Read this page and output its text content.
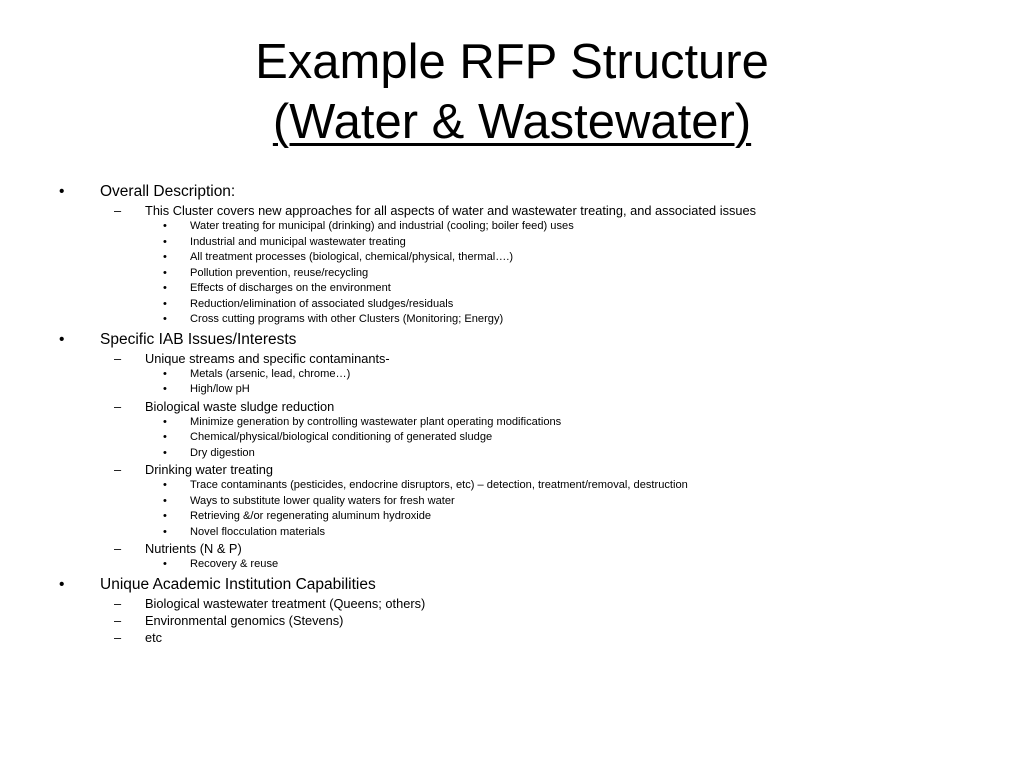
Example RFP Structure
(Water & Wastewater)
• Overall Description:
– This Cluster covers new approaches for all aspects of water and wastewater treating, and associated issues
• Water treating for municipal (drinking) and industrial (cooling; boiler feed) uses
• Industrial and municipal wastewater treating
• All treatment processes (biological, chemical/physical, thermal….)
• Pollution prevention, reuse/recycling
• Effects of discharges on the environment
• Reduction/elimination of associated sludges/residuals
• Cross cutting programs with other Clusters (Monitoring; Energy)
• Specific IAB Issues/Interests
– Unique streams and specific contaminants-
• Metals (arsenic, lead, chrome…)
• High/low pH
– Biological waste sludge reduction
• Minimize generation by controlling wastewater plant operating modifications
• Chemical/physical/biological conditioning of generated sludge
• Dry digestion
– Drinking water treating
• Trace contaminants (pesticides, endocrine disruptors, etc) – detection, treatment/removal, destruction
• Ways to substitute lower quality waters for fresh water
• Retrieving &/or regenerating aluminum hydroxide
• Novel flocculation materials
– Nutrients (N & P)
• Recovery & reuse
• Unique Academic Institution Capabilities
– Biological wastewater treatment (Queens; others)
– Environmental genomics (Stevens)
– etc
